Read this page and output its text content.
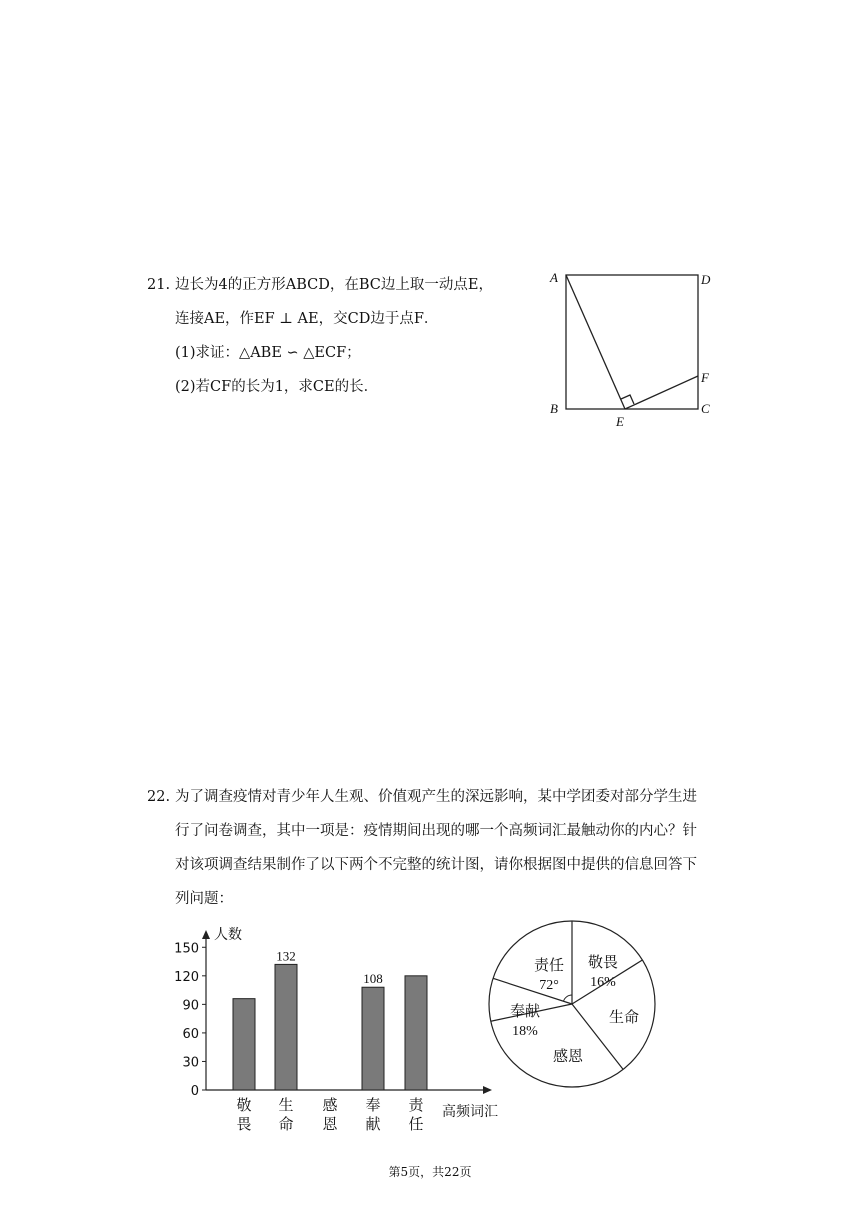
21. 边长为4的正方形ABCD，在BC边上取一动点E，
连接AE，作EF ⊥ AE，交CD边于点F．
(1)求证：△ABE ∽ △ECF；
(2)若CF的长为1，求CE的长．
A	D
B	C
E
F
22. 为了调查疫情对青少年人生观、价值观产生的深远影响，某中学团委对部分学生进
行了问卷调查，其中一项是：疫情期间出现的哪一个高频词汇最触动你的内心？针
对该项调查结果制作了以下两个不完整的统计图，请你根据图中提供的信息回答下
列问题：
人数
高频词汇
0
30
60
90
120
150
敬
畏
132
生
命
感
恩
108
奉
献
责
任
敬畏
16%
生命
感恩
奉献
18%
责任
72°
第5页，共22页
